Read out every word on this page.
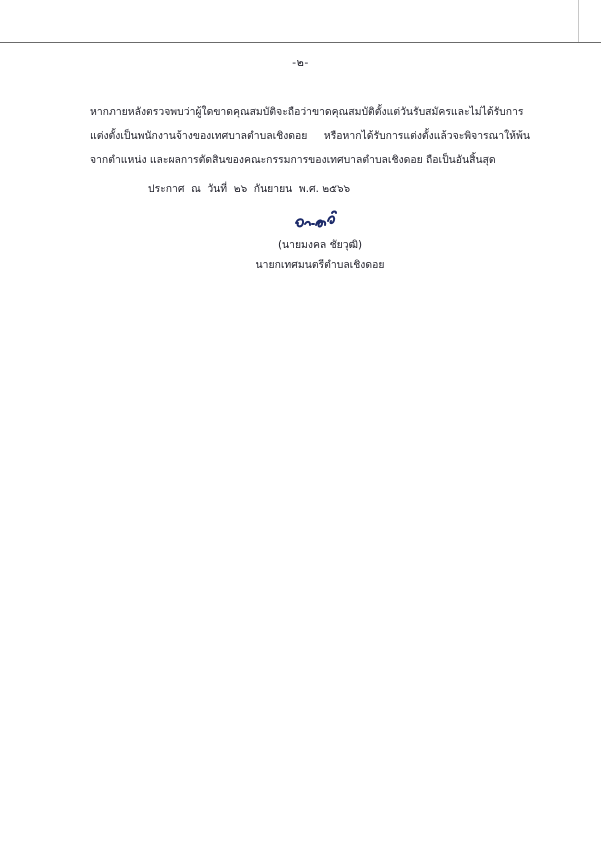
-๒-

หากภายหลังตรวจพบว่าผู้ใดขาดคุณสมบัติจะถือว่าขาดคุณสมบัติตั้งแต่วันรับสมัครและไม่ได้รับการแต่งตั้งเป็นพนักงานจ้างของเทศบาลตำบลเชิงดอย หรือหากได้รับการแต่งตั้งแล้วจะพิจารณาให้พ้นจากตำแหน่ง และผลการตัดสินของคณะกรรมการของเทศบาลตำบลเชิงดอย ถือเป็นอันสิ้นสุด

ประกาศ  ณ  วันที่  ๒๖  กันยายน  พ.ศ. ๒๕๖๖
(นายมงคล ชัยวุฒิ)
นายกเทศมนตรีตำบลเชิงดอย
